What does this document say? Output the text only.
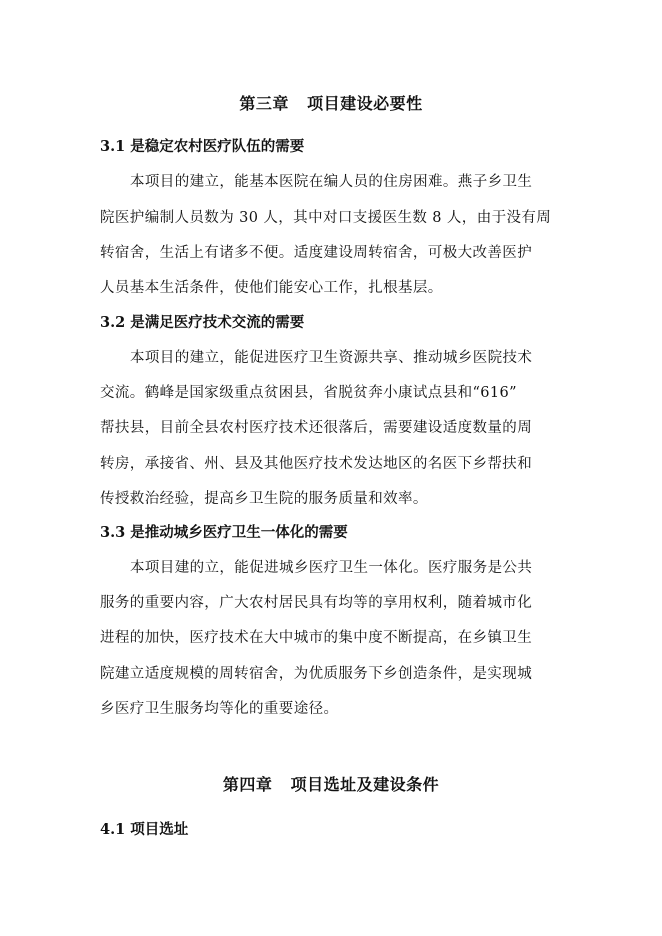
第三章   项目建设必要性
3.1 是稳定农村医疗队伍的需要
本项目的建立，能基本医院在编人员的住房困难。燕子乡卫生
院医护编制人员数为 30 人，其中对口支援医生数 8 人，由于没有周
转宿舍，生活上有诸多不便。适度建设周转宿舍，可极大改善医护
人员基本生活条件，使他们能安心工作，扎根基层。
3.2 是满足医疗技术交流的需要
本项目的建立，能促进医疗卫生资源共享、推动城乡医院技术
交流。鹤峰是国家级重点贫困县，省脱贫奔小康试点县和“616”
帮扶县，目前全县农村医疗技术还很落后，需要建设适度数量的周
转房，承接省、州、县及其他医疗技术发达地区的名医下乡帮扶和
传授救治经验，提高乡卫生院的服务质量和效率。
3.3 是推动城乡医疗卫生一体化的需要
本项目建的立，能促进城乡医疗卫生一体化。医疗服务是公共
服务的重要内容，广大农村居民具有均等的享用权利，随着城市化
进程的加快，医疗技术在大中城市的集中度不断提高，在乡镇卫生
院建立适度规模的周转宿舍，为优质服务下乡创造条件，是实现城
乡医疗卫生服务均等化的重要途径。
第四章   项目选址及建设条件
4.1 项目选址
